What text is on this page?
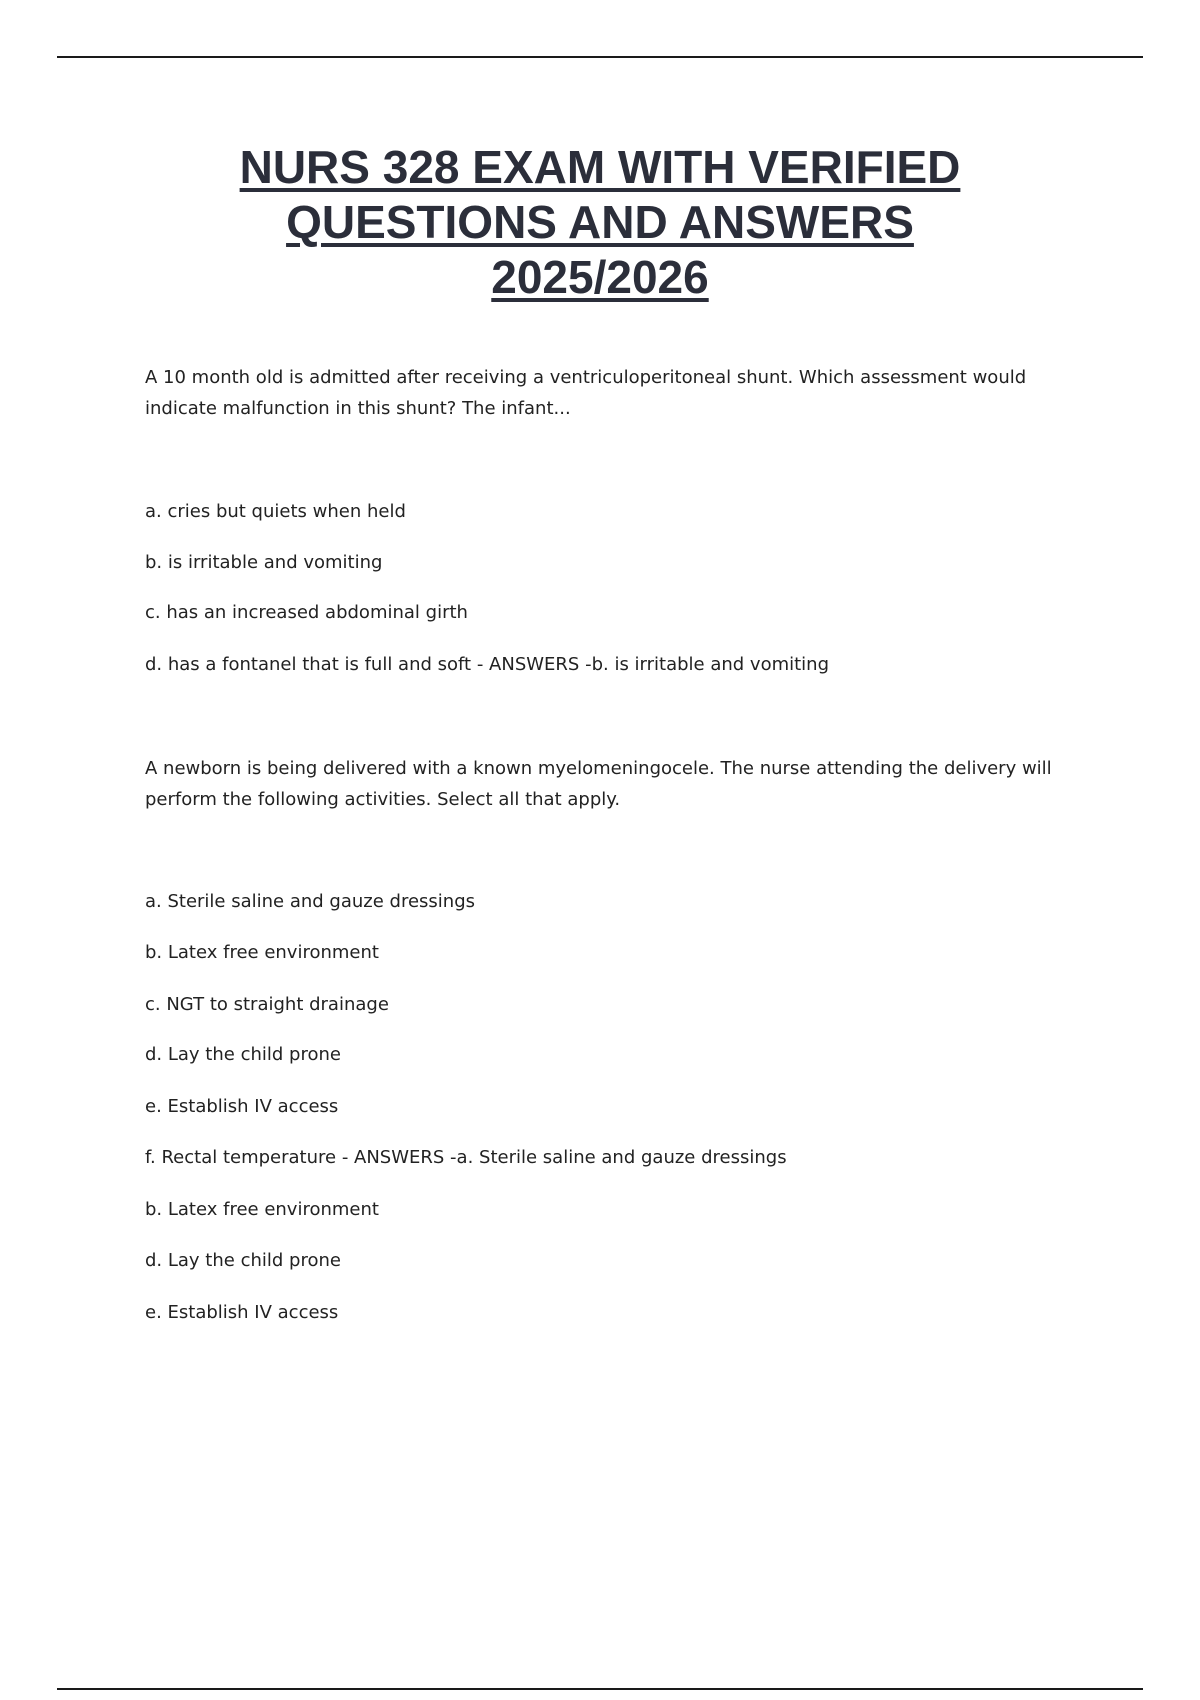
NURS 328 EXAM WITH VERIFIED
QUESTIONS AND ANSWERS
2025/2026

A 10 month old is admitted after receiving a ventriculoperitoneal shunt. Which assessment would indicate malfunction in this shunt? The infant...

a. cries but quiets when held

b. is irritable and vomiting

c. has an increased abdominal girth

d. has a fontanel that is full and soft - ANSWERS -b. is irritable and vomiting

A newborn is being delivered with a known myelomeningocele. The nurse attending the delivery will perform the following activities. Select all that apply.

a. Sterile saline and gauze dressings

b. Latex free environment

c. NGT to straight drainage

d. Lay the child prone

e. Establish IV access

f. Rectal temperature - ANSWERS -a. Sterile saline and gauze dressings

b. Latex free environment

d. Lay the child prone

e. Establish IV access
